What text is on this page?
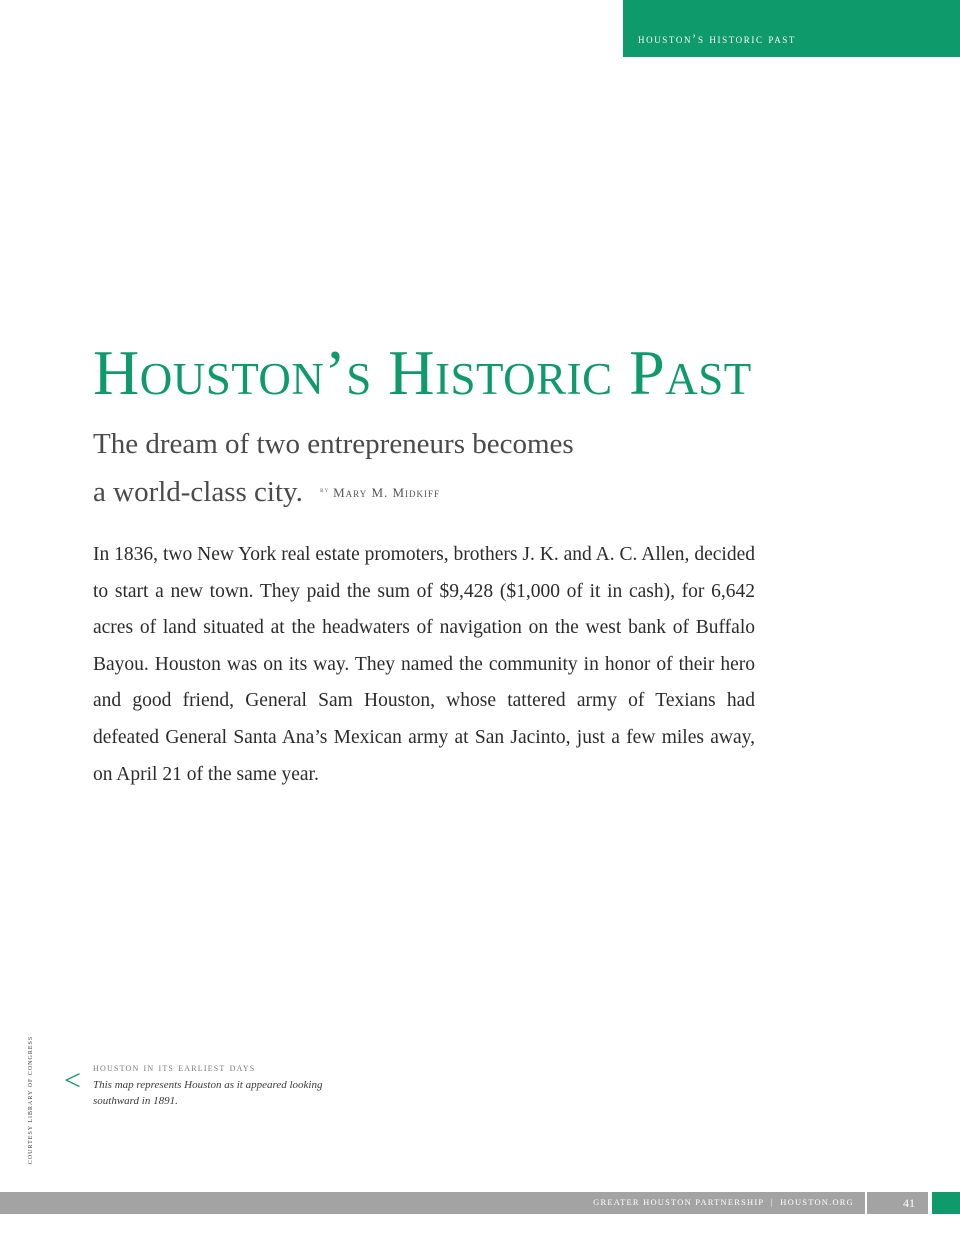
houston’s historic past
Houston’s Historic Past
The dream of two entrepreneurs becomes
a world-class city. $^{by}$ Mary M. Midkiff

In 1836, two New York real estate promoters, brothers J. K. and A. C. Allen, decided to start a new town. They paid the sum of $9,428 ($1,000 of it in cash), for 6,642 acres of land situated at the headwaters of navigation on the west bank of Buffalo Bayou. Houston was on its way. They named the community in honor of their hero and good friend, General Sam Houston, whose tattered army of Texians had defeated General Santa Ana’s Mexican army at San Jacinto, just a few miles away, on April 21 of the same year.

COURTESY LIBRARY OF CONGRESS < houston in its earliest days

This map represents Houston as it appeared looking southward in 1891.

GREATER HOUSTON PARTNERSHIP | HOUSTON.ORG	41
